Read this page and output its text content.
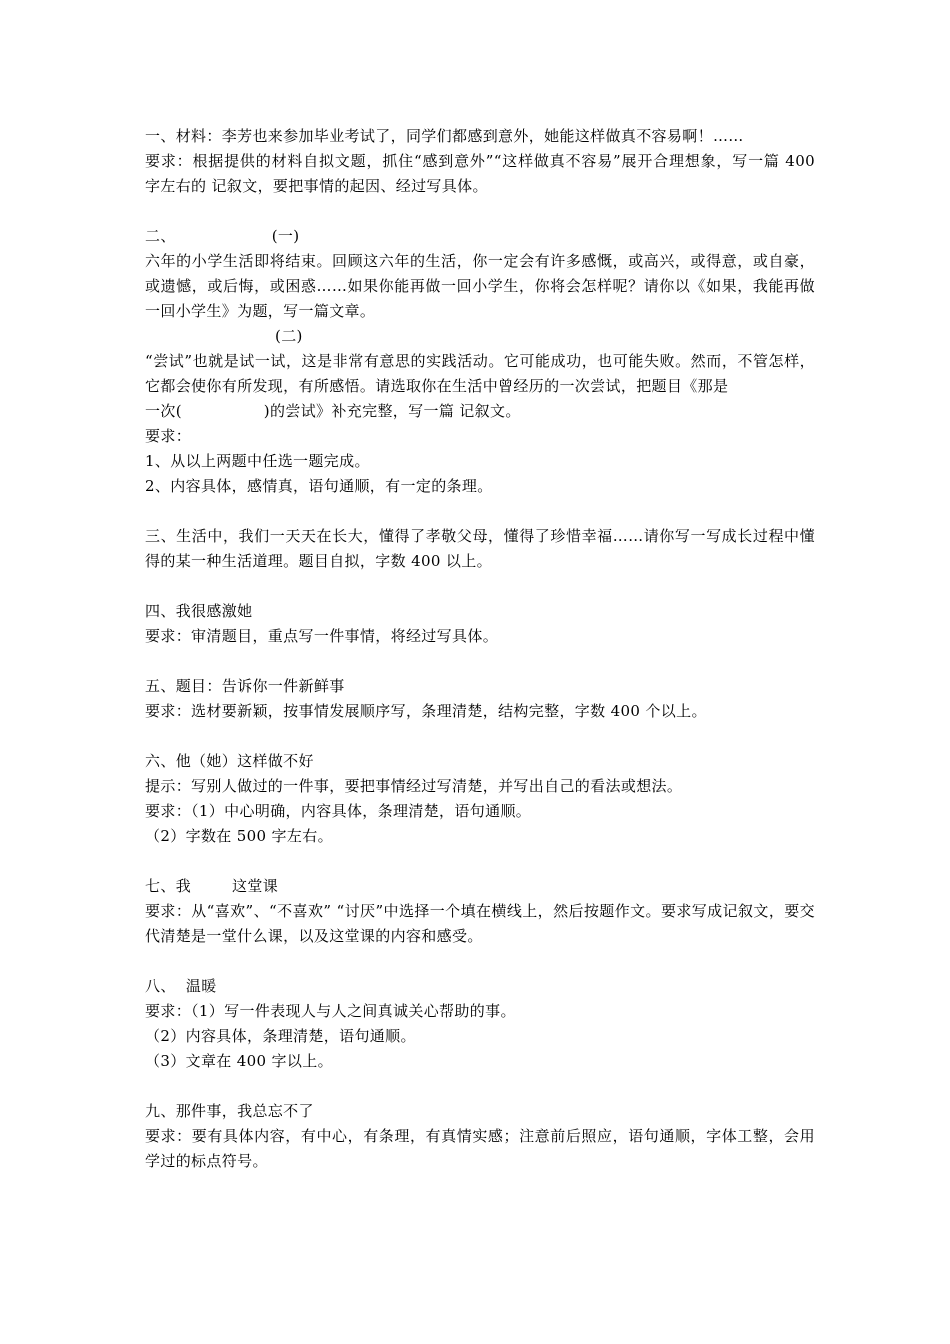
一、材料：李芳也来参加毕业考试了，同学们都感到意外，她能这样做真不容易啊！……
要求：根据提供的材料自拟文题，抓住“感到意外”“这样做真不容易”展开合理想象，写一篇 400 字左右的 记叙文，要把事情的起因、经过写具体。
二、	(一)
六年的小学生活即将结束。回顾这六年的生活，你一定会有许多感慨，或高兴，或得意，或自豪，或遗憾，或后悔，或困惑……如果你能再做一回小学生，你将会怎样呢？请你以《如果，我能再做一回小学生》为题，写一篇文章。
(二)
“尝试”也就是试一试，这是非常有意思的实践活动。它可能成功，也可能失败。然而，不管怎样，它都会使你有所发现，有所感悟。请选取你在生活中曾经历的一次尝试，把题目《那是
一次(                )的尝试》补充完整，写一篇 记叙文。
要求：
1、从以上两题中任选一题完成。
2、内容具体，感情真，语句通顺，有一定的条理。
三、生活中，我们一天天在长大，懂得了孝敬父母，懂得了珍惜幸福……请你写一写成长过程中懂得的某一种生活道理。题目自拟，字数 400 以上。
四、我很感激她
要求：审清题目，重点写一件事情，将经过写具体。
五、题目：告诉你一件新鲜事
要求：选材要新颖，按事情发展顺序写，条理清楚，结构完整，字数 400 个以上。
六、他（她）这样做不好
提示：写别人做过的一件事，要把事情经过写清楚，并写出自己的看法或想法。
要求：（1）中心明确，内容具体，条理清楚，语句通顺。
（2）字数在 500 字左右。
七、我        这堂课
要求：从“喜欢”、“不喜欢” “讨厌”中选择一个填在横线上，然后按题作文。要求写成记叙文，要交代清楚是一堂什么课，以及这堂课的内容和感受。
八、  温暖
要求：（1）写一件表现人与人之间真诚关心帮助的事。
（2）内容具体，条理清楚，语句通顺。
（3）文章在 400 字以上。
九、那件事，我总忘不了
要求：要有具体内容，有中心，有条理，有真情实感；注意前后照应，语句通顺，字体工整，会用学过的标点符号。
